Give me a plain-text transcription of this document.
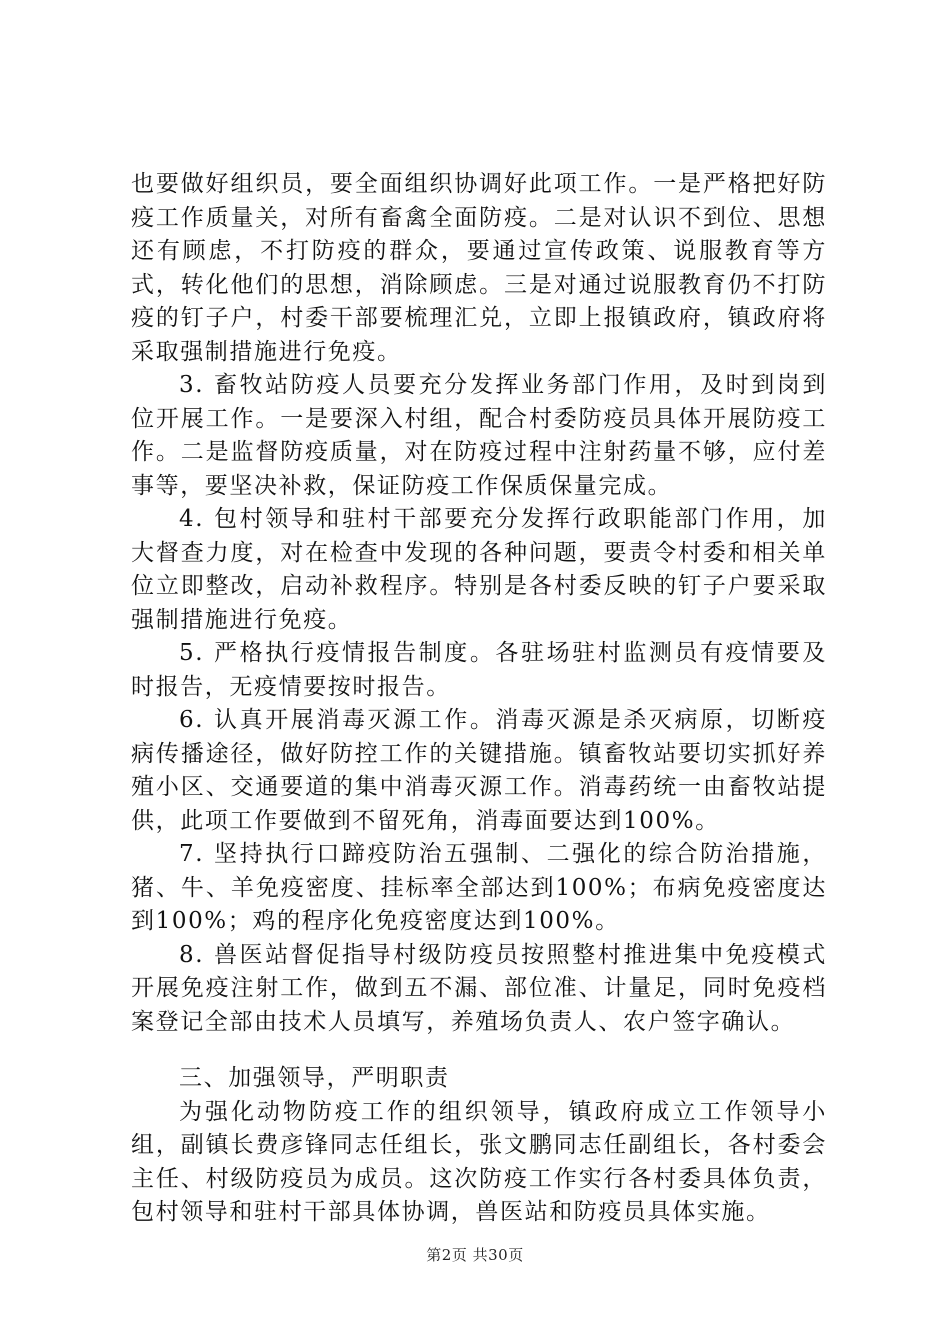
也要做好组织员，要全面组织协调好此项工作。一是严格把好防疫工作质量关，对所有畜禽全面防疫。二是对认识不到位、思想还有顾虑，不打防疫的群众，要通过宣传政策、说服教育等方式，转化他们的思想，消除顾虑。三是对通过说服教育仍不打防疫的钉子户，村委干部要梳理汇兑，立即上报镇政府，镇政府将采取强制措施进行免疫。

3. 畜牧站防疫人员要充分发挥业务部门作用，及时到岗到位开展工作。一是要深入村组，配合村委防疫员具体开展防疫工作。二是监督防疫质量，对在防疫过程中注射药量不够，应付差事等，要坚决补救，保证防疫工作保质保量完成。

4. 包村领导和驻村干部要充分发挥行政职能部门作用，加大督查力度，对在检查中发现的各种问题，要责令村委和相关单位立即整改，启动补救程序。特别是各村委反映的钉子户要采取强制措施进行免疫。

5. 严格执行疫情报告制度。各驻场驻村监测员有疫情要及时报告，无疫情要按时报告。

6. 认真开展消毒灭源工作。消毒灭源是杀灭病原，切断疫病传播途径，做好防控工作的关键措施。镇畜牧站要切实抓好养殖小区、交通要道的集中消毒灭源工作。消毒药统一由畜牧站提供，此项工作要做到不留死角，消毒面要达到100%。

7. 坚持执行口蹄疫防治五强制、二强化的综合防治措施，猪、牛、羊免疫密度、挂标率全部达到100%；布病免疫密度达到100%；鸡的程序化免疫密度达到100%。

8. 兽医站督促指导村级防疫员按照整村推进集中免疫模式开展免疫注射工作，做到五不漏、部位准、计量足，同时免疫档案登记全部由技术人员填写，养殖场负责人、农户签字确认。

三、加强领导，严明职责

为强化动物防疫工作的组织领导，镇政府成立工作领导小组，副镇长费彦锋同志任组长，张文鹏同志任副组长，各村委会主任、村级防疫员为成员。这次防疫工作实行各村委具体负责，包村领导和驻村干部具体协调，兽医站和防疫员具体实施。

第2页 共30页
